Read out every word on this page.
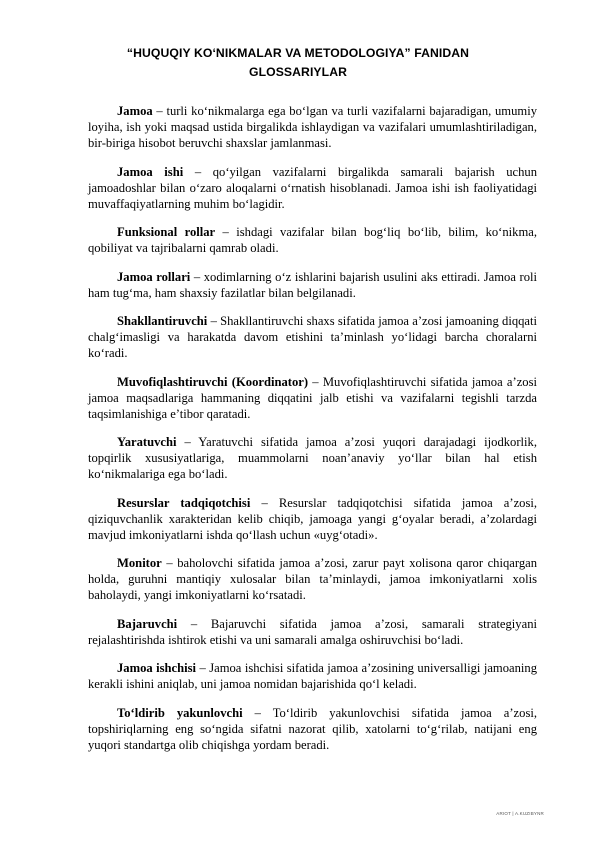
“HUQUQIY KO‘NIKMALAR VA METODOLOGIYA” FANIDAN
GLOSSARIYLAR

Jamoa – turli ko‘nikmalarga ega bo‘lgan va turli vazifalarni bajaradigan, umumiy loyiha, ish yoki maqsad ustida birgalikda ishlaydigan va vazifalari umumlashtiriladigan, bir-biriga hisobot beruvchi shaxslar jamlanmasi.

Jamoa ishi – qo‘yilgan vazifalarni birgalikda samarali bajarish uchun jamoadoshlar bilan o‘zaro aloqalarni o‘rnatish hisoblanadi. Jamoa ishi ish faoliyatidagi muvaffaqiyatlarning muhim bo‘lagidir.

Funksional rollar – ishdagi vazifalar bilan bog‘liq bo‘lib, bilim, ko‘nikma, qobiliyat va tajribalarni qamrab oladi.

Jamoa rollari – xodimlarning o‘z ishlarini bajarish usulini aks ettiradi. Jamoa roli ham tug‘ma, ham shaxsiy fazilatlar bilan belgilanadi.

Shakllantiruvchi – Shakllantiruvchi shaxs sifatida jamoa a’zosi jamoaning diqqati chalg‘imasligi va harakatda davom etishini ta’minlash yo‘lidagi barcha choralarni ko‘radi.

Muvofiqlashtiruvchi (Koordinator) – Muvofiqlashtiruvchi sifatida jamoa a’zosi jamoa maqsadlariga hammaning diqqatini jalb etishi va vazifalarni tegishli tarzda taqsimlanishiga e’tibor qaratadi.

Yaratuvchi – Yaratuvchi sifatida jamoa a’zosi yuqori darajadagi ijodkorlik, topqirlik xususiyatlariga, muammolarni noan’anaviy yo‘llar bilan hal etish ko‘nikmalariga ega bo‘ladi.

Resurslar tadqiqotchisi – Resurslar tadqiqotchisi sifatida jamoa a’zosi, qiziquvchanlik xarakteridan kelib chiqib, jamoaga yangi g‘oyalar beradi, a’zolardagi mavjud imkoniyatlarni ishda qo‘llash uchun «uyg‘otadi».

Monitor – baholovchi sifatida jamoa a’zosi, zarur payt xolisona qaror chiqargan holda, guruhni mantiqiy xulosalar bilan ta’minlaydi, jamoa imkoniyatlarni xolis baholaydi, yangi imkoniyatlarni ko‘rsatadi.

Bajaruvchi – Bajaruvchi sifatida jamoa a’zosi, samarali strategiyani rejalashtirishda ishtirok etishi va uni samarali amalga oshiruvchisi bo‘ladi.

Jamoa ishchisi – Jamoa ishchisi sifatida jamoa a’zosining universalligi jamoaning kerakli ishini aniqlab, uni jamoa nomidan bajarishida qo‘l keladi.

To‘ldirib yakunlovchi – To‘ldirib yakunlovchisi sifatida jamoa a’zosi, topshiriqlarning eng so‘ngida sifatni nazorat qilib, xatolarni to‘g‘rilab, natijani eng yuqori standartga olib chiqishga yordam beradi.

ARIOT | A.KUZIBYNR
